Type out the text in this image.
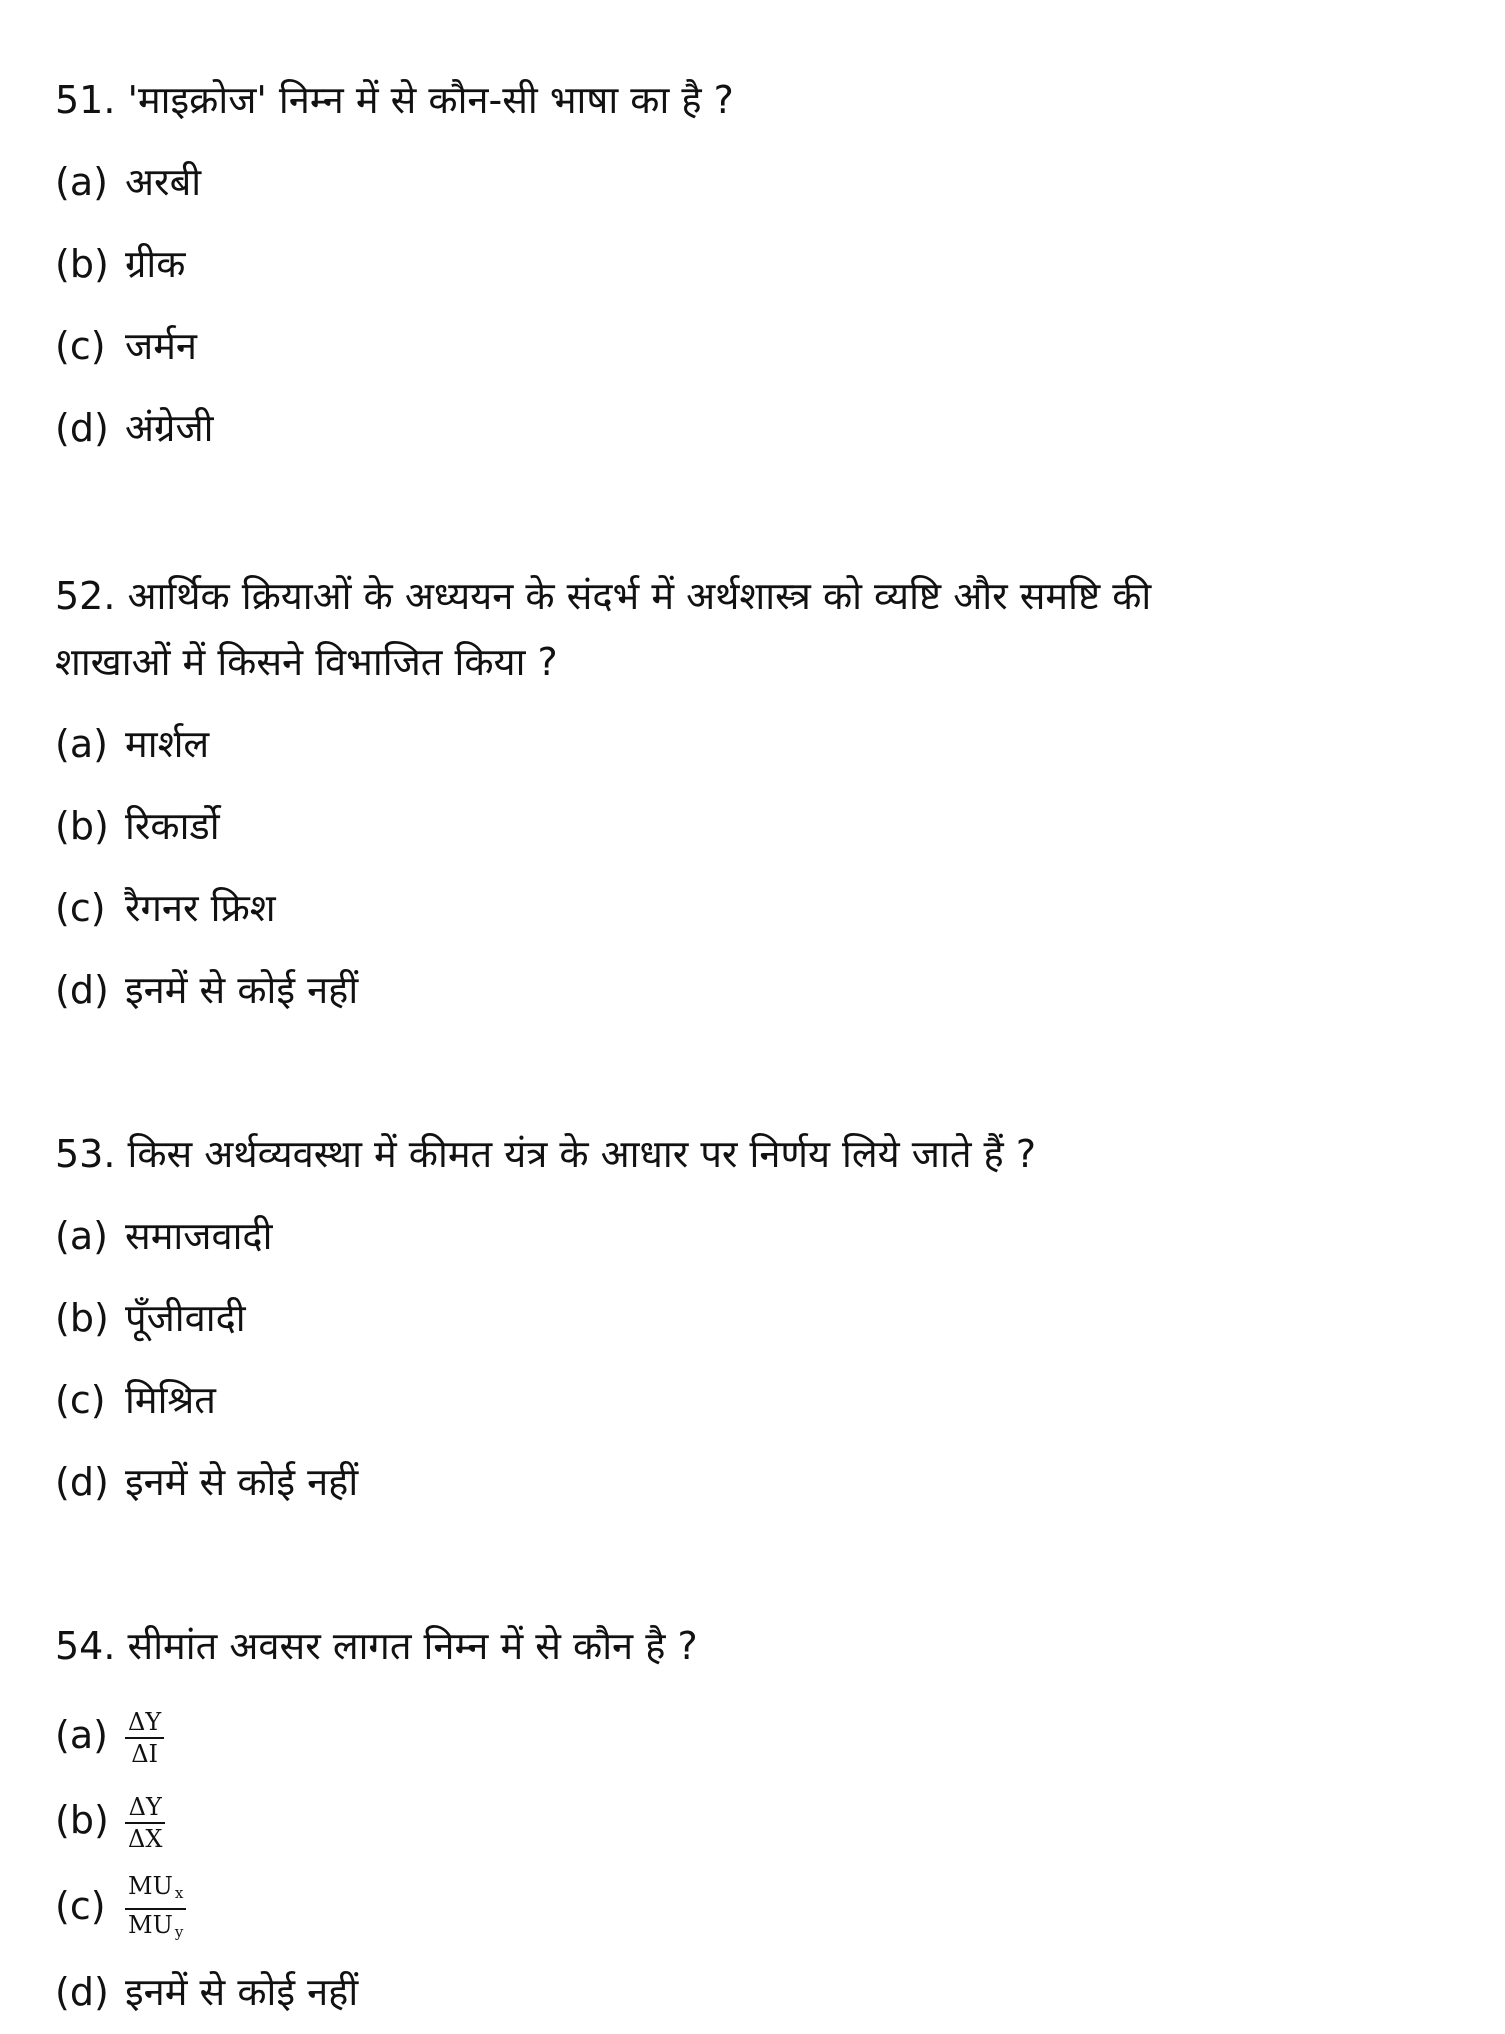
51. 'माइक्रोज' निम्न में से कौन-सी भाषा का है ?
(a) अरबी
(b) ग्रीक
(c) जर्मन
(d) अंग्रेजी
52. आर्थिक क्रियाओं के अध्ययन के संदर्भ में अर्थशास्त्र को व्यष्टि और समष्टि की
शाखाओं में किसने विभाजित किया ?
(a) मार्शल
(b) रिकार्डो
(c) रैगनर फ्रिश
(d) इनमें से कोई नहीं
53. किस अर्थव्यवस्था में कीमत यंत्र के आधार पर निर्णय लिये जाते हैं ?
(a) समाजवादी
(b) पूँजीवादी
(c) मिश्रित
(d) इनमें से कोई नहीं
54. सीमांत अवसर लागत निम्न में से कौन है ?
$(a) \frac{\Delta Y}{\Delta I}$
$(b) \frac{\Delta Y}{\Delta X}$
$(c) \frac{MU _x}{MU _y}$
(d) इनमें से कोई नहीं
